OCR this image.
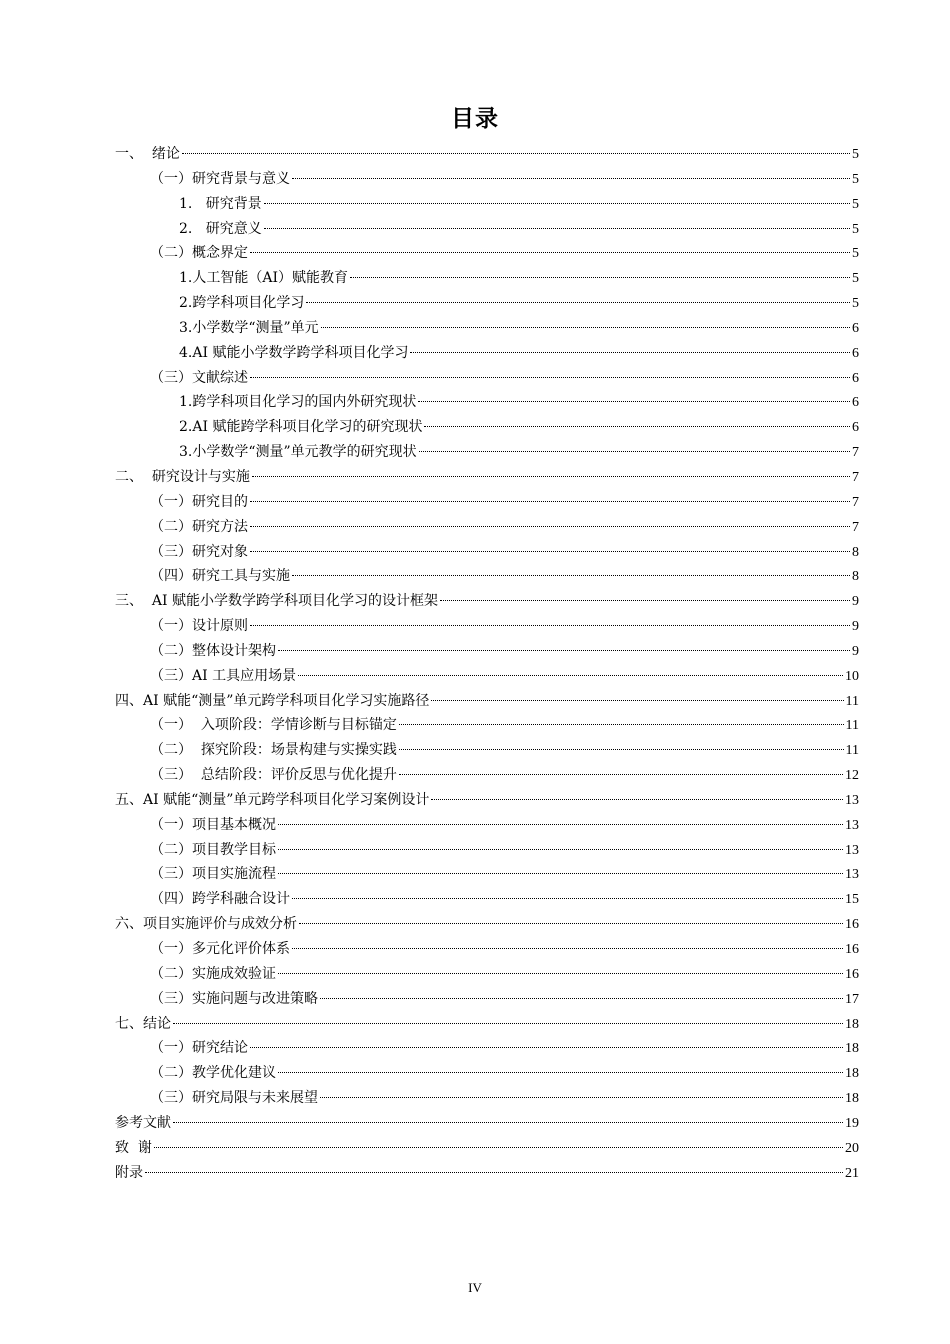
目录
一、  绪论	5
（一）研究背景与意义	5
1.   研究背景	5
2.   研究意义	5
（二）概念界定	5
1.人工智能（AI）赋能教育	5
2.跨学科项目化学习	5
3.小学数学“测量”单元	6
4.AI 赋能小学数学跨学科项目化学习	6
（三）文献综述	6
1.跨学科项目化学习的国内外研究现状	6
2.AI 赋能跨学科项目化学习的研究现状	6
3.小学数学“测量”单元教学的研究现状	7
二、  研究设计与实施	7
（一）研究目的	7
（二）研究方法	7
（三）研究对象	8
（四）研究工具与实施	8
三、  AI 赋能小学数学跨学科项目化学习的设计框架	9
（一）设计原则	9
（二）整体设计架构	9
（三）AI 工具应用场景	10
四、AI 赋能“测量”单元跨学科项目化学习实施路径	11
（一）  入项阶段：学情诊断与目标锚定	11
（二）  探究阶段：场景构建与实操实践	11
（三）  总结阶段：评价反思与优化提升	12
五、AI 赋能“测量”单元跨学科项目化学习案例设计	13
（一）项目基本概况	13
（二）项目教学目标	13
（三）项目实施流程	13
（四）跨学科融合设计	15
六、项目实施评价与成效分析	16
（一）多元化评价体系	16
（二）实施成效验证	16
（三）实施问题与改进策略	17
七、结论	18
（一）研究结论	18
（二）教学优化建议	18
（三）研究局限与未来展望	18
参考文献	19
致  谢	20
附录	21
IV
